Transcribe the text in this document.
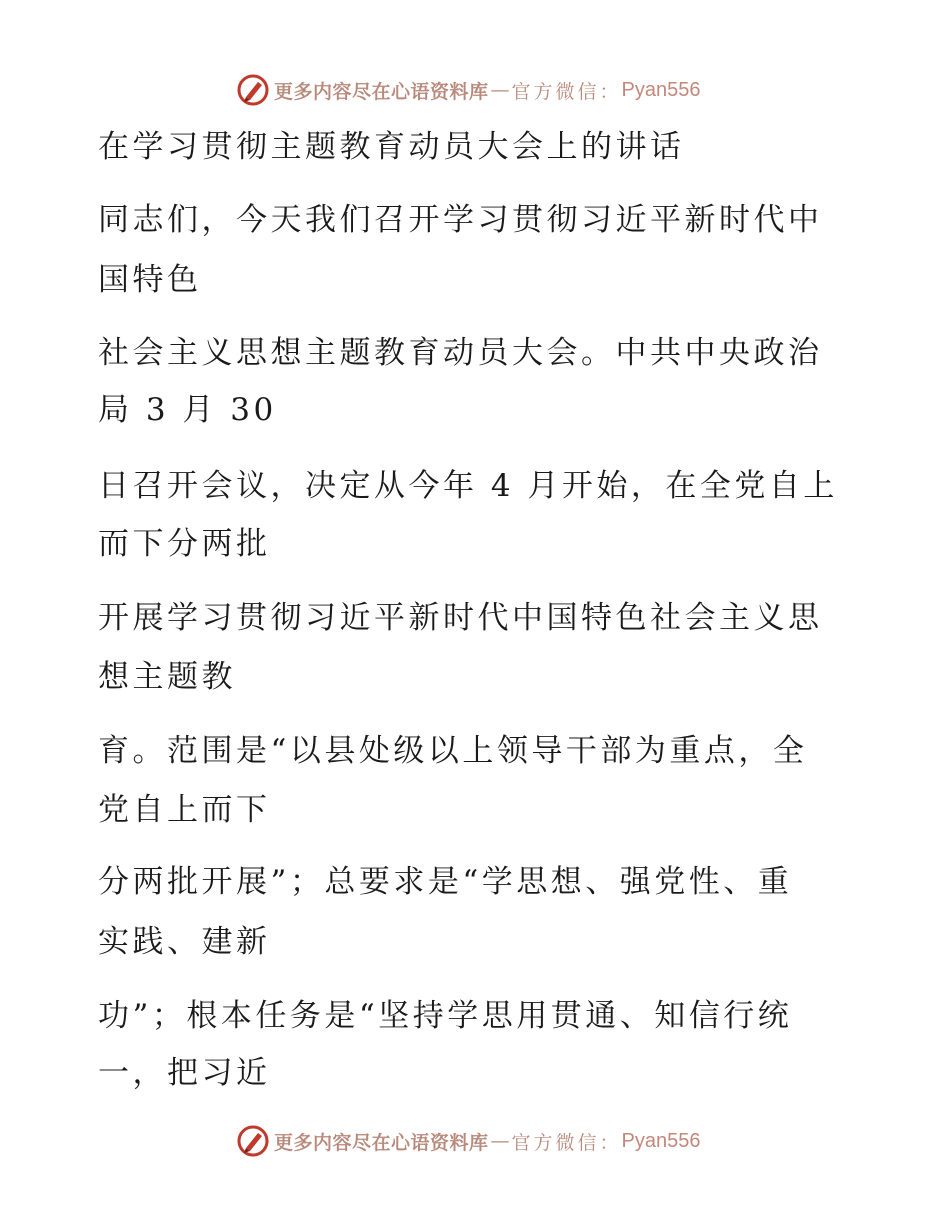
更多内容尽在心语资料库 — 官方微信： Pyan556
在学习贯彻主题教育动员大会上的讲话
同志们，今天我们召开学习贯彻习近平新时代中
国特色
社会主义思想主题教育动员大会。中共中央政治
局 3 月 30
日召开会议，决定从今年 4 月开始，在全党自上
而下分两批
开展学习贯彻习近平新时代中国特色社会主义思
想主题教
育。范围是“以县处级以上领导干部为重点，全
党自上而下
分两批开展”；总要求是“学思想、强党性、重
实践、建新
功”；根本任务是“坚持学思用贯通、知信行统
一，把习近
更多内容尽在心语资料库 — 官方微信： Pyan556
